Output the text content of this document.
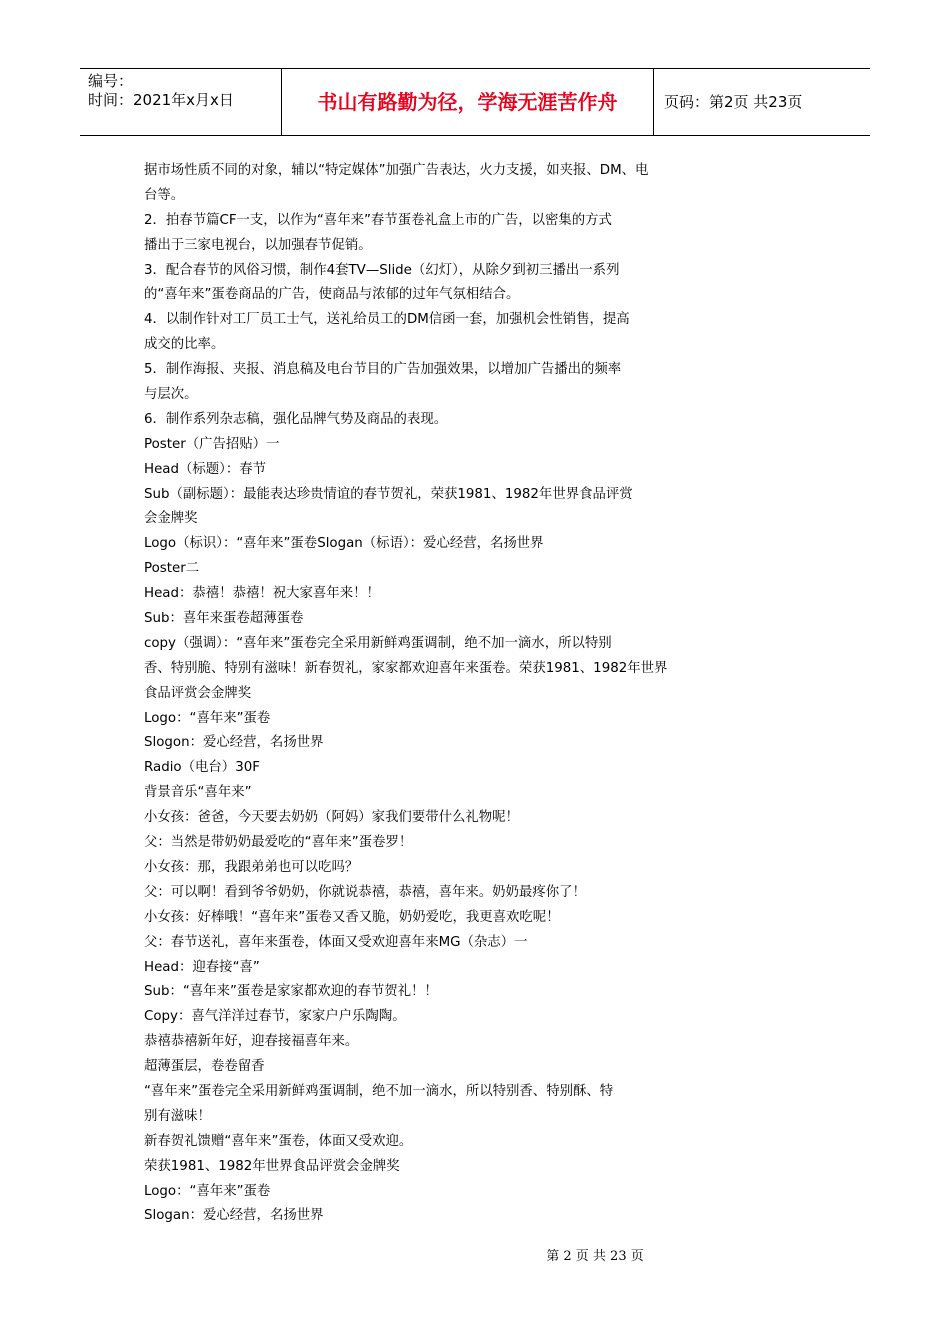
编号：
时间：2021年x月x日	书山有路勤为径，学海无涯苦作舟	页码：第2页 共23页
据市场性质不同的对象，辅以“特定媒体”加强广告表达，火力支援，如夹报、DM、电
台等。
2．拍春节篇CF一支，以作为“喜年来”春节蛋卷礼盒上市的广告，以密集的方式
播出于三家电视台，以加强春节促销。
3．配合春节的风俗习惯，制作4套TV—Slide（幻灯），从除夕到初三播出一系列
的“喜年来”蛋卷商品的广告，使商品与浓郁的过年气氛相结合。
4．以制作针对工厂员工士气，送礼给员工的DM信函一套，加强机会性销售，提高
成交的比率。
5．制作海报、夹报、消息稿及电台节目的广告加强效果，以增加广告播出的频率
与层次。
6．制作系列杂志稿，强化品牌气势及商品的表现。
Poster（广告招贴）一
Head（标题）：春节
Sub（副标题）：最能表达珍贵情谊的春节贺礼，荣获1981、1982年世界食品评赏
会金牌奖
Logo（标识）：“喜年来”蛋卷Slogan（标语）：爱心经营，名扬世界
Poster二
Head：恭禧！恭禧！祝大家喜年来！！
Sub：喜年来蛋卷超薄蛋卷
copy（强调）：“喜年来”蛋卷完全采用新鲜鸡蛋调制，绝不加一滴水，所以特别
香、特别脆、特别有滋味！新春贺礼，家家都欢迎喜年来蛋卷。荣获1981、1982年世界
食品评赏会金牌奖
Logo：“喜年来”蛋卷
Slogon：爱心经营，名扬世界
Radio（电台）30F
背景音乐“喜年来”
小女孩：爸爸，今天要去奶奶（阿妈）家我们要带什么礼物呢！
父：当然是带奶奶最爱吃的“喜年来”蛋卷罗！
小女孩：那，我跟弟弟也可以吃吗？
父：可以啊！看到爷爷奶奶，你就说恭禧，恭禧，喜年来。奶奶最疼你了！
小女孩：好棒哦！“喜年来”蛋卷又香又脆，奶奶爱吃，我更喜欢吃呢！
父：春节送礼，喜年来蛋卷，体面又受欢迎喜年来MG（杂志）一
Head：迎春接“喜”
Sub：“喜年来”蛋卷是家家都欢迎的春节贺礼！！
Copy：喜气洋洋过春节，家家户户乐陶陶。
恭禧恭禧新年好，迎春接福喜年来。
超薄蛋层，卷卷留香
“喜年来”蛋卷完全采用新鲜鸡蛋调制，绝不加一滴水，所以特别香、特别酥、特
别有滋味！
新春贺礼馈赠“喜年来”蛋卷，体面又受欢迎。
荣获1981、1982年世界食品评赏会金牌奖
Logo：“喜年来”蛋卷
Slogan：爱心经营，名扬世界
第 2 页 共 23 页
